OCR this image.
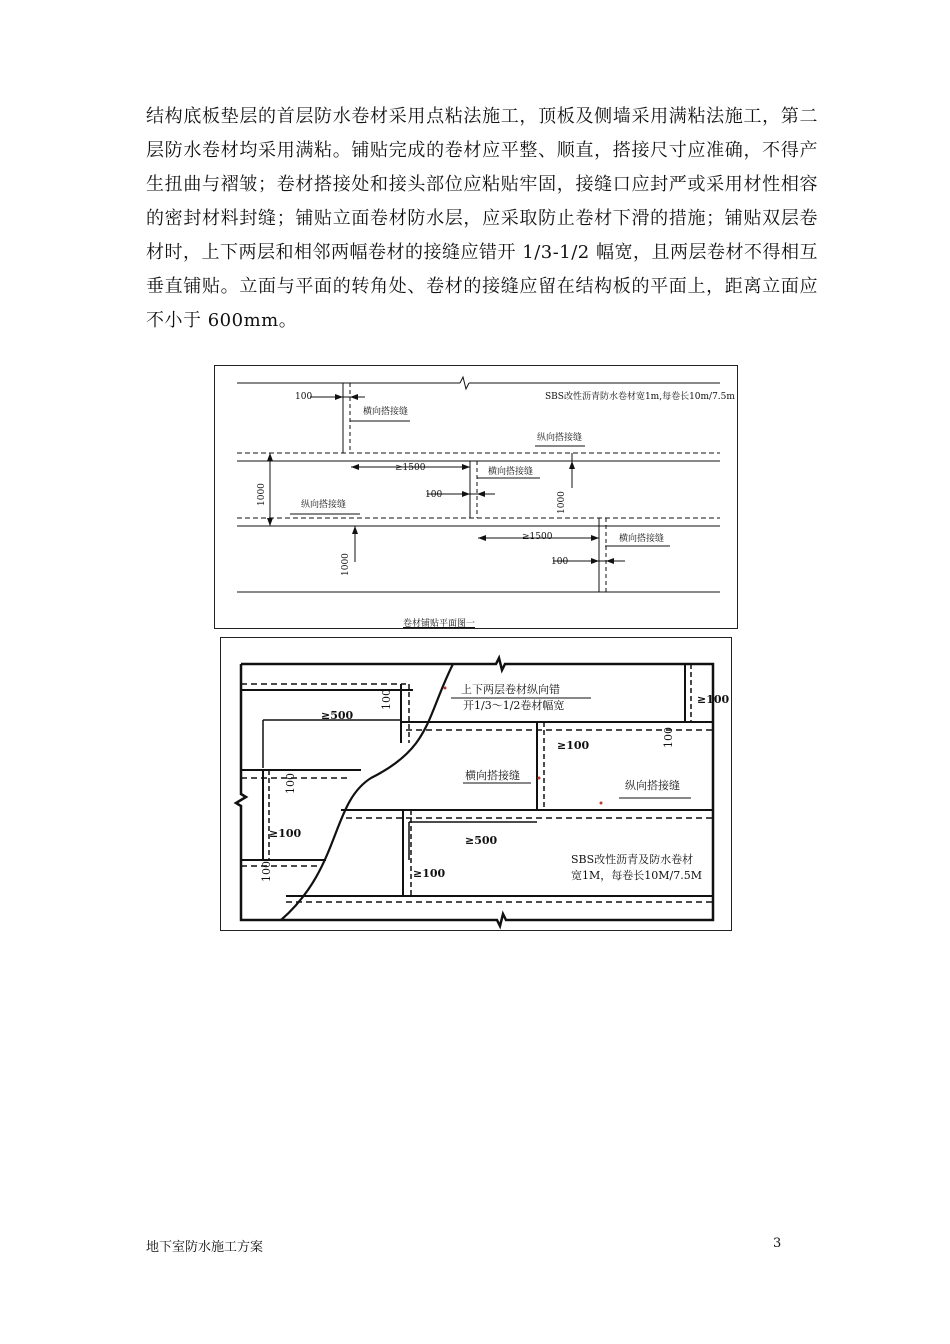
结构底板垫层的首层防水卷材采用点粘法施工，顶板及侧墙采用满粘法施工，第二层防水卷材均采用满粘。铺贴完成的卷材应平整、顺直，搭接尺寸应准确，不得产生扭曲与褶皱；卷材搭接处和接头部位应粘贴牢固，接缝口应封严或采用材性相容的密封材料封缝；铺贴立面卷材防水层，应采取防止卷材下滑的措施；铺贴双层卷材时，上下两层和相邻两幅卷材的接缝应错开 1/3-1/2 幅宽，且两层卷材不得相互垂直铺贴。立面与平面的转角处、卷材的接缝应留在结构板的平面上，距离立面应不小于 600mm。
SBS改性沥青防水卷材宽1m,每卷长10m/7.5m
100
横向搭接缝
纵向搭接缝
≥1500	横向搭接缝
100
纵向搭接缝
≥1500	横向搭接缝
100
1000	1000
1000
卷材铺贴平面图一
上下两层卷材纵向错
开1/3～1/2卷材幅宽
≥500
≥100
≥100
横向搭接缝
纵向搭接缝
≥100
≥500
≥100
SBS改性沥青及防水卷材
宽1M，每卷长10M/7.5M
100
100
100
100
地下室防水施工方案	3
